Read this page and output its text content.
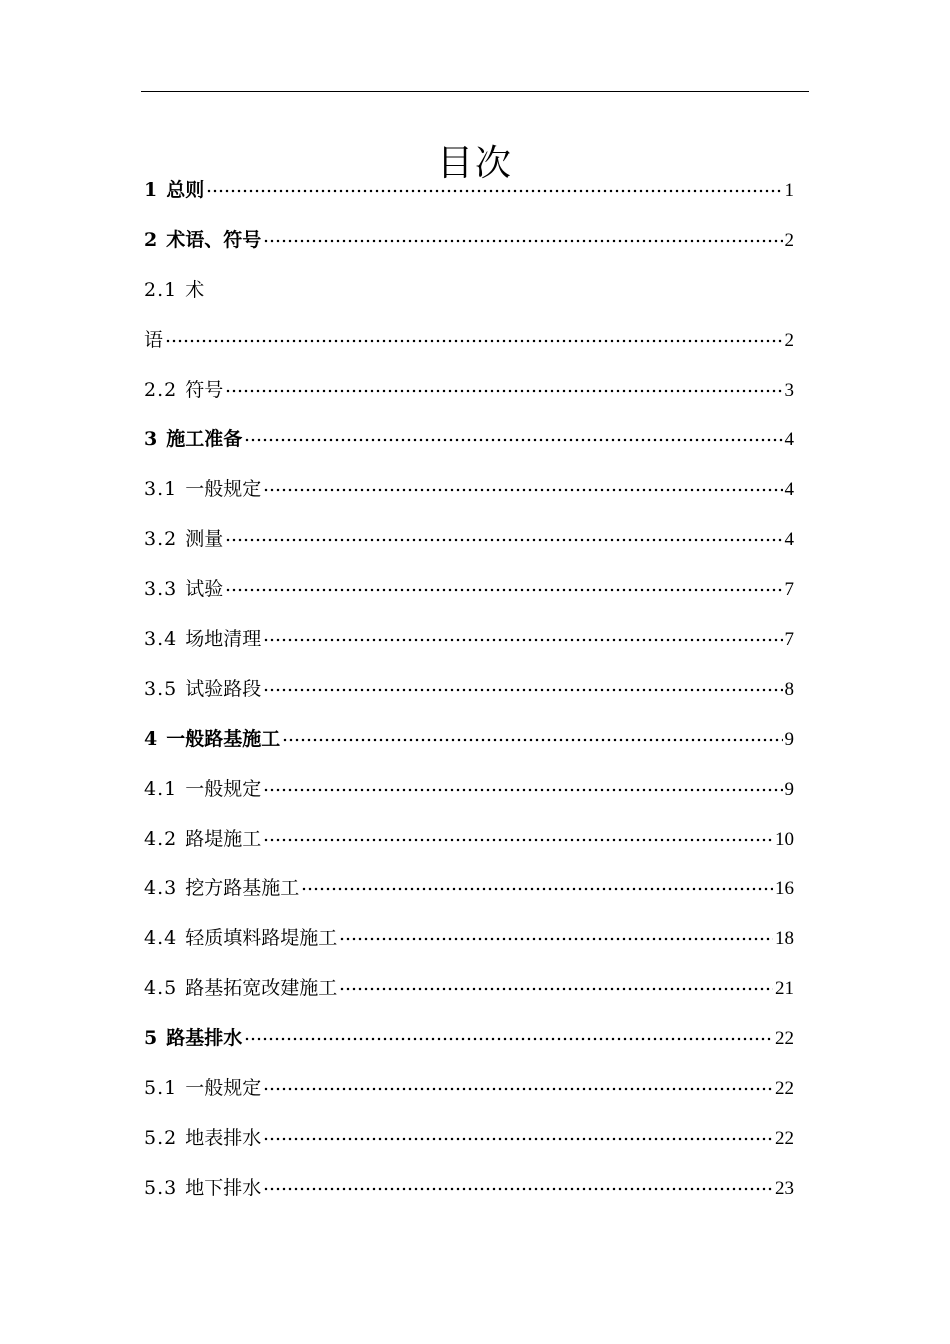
目次
1 总则	1
2 术语、符号	2
2.1 术
语	2
2.2 符号	3
3 施工准备	4
3.1 一般规定	4
3.2 测量	4
3.3 试验	7
3.4 场地清理	7
3.5 试验路段	8
4 一般路基施工	9
4.1 一般规定	9
4.2 路堤施工	10
4.3 挖方路基施工	16
4.4 轻质填料路堤施工	18
4.5 路基拓宽改建施工	21
5 路基排水	22
5.1 一般规定	22
5.2 地表排水	22
5.3 地下排水	23
